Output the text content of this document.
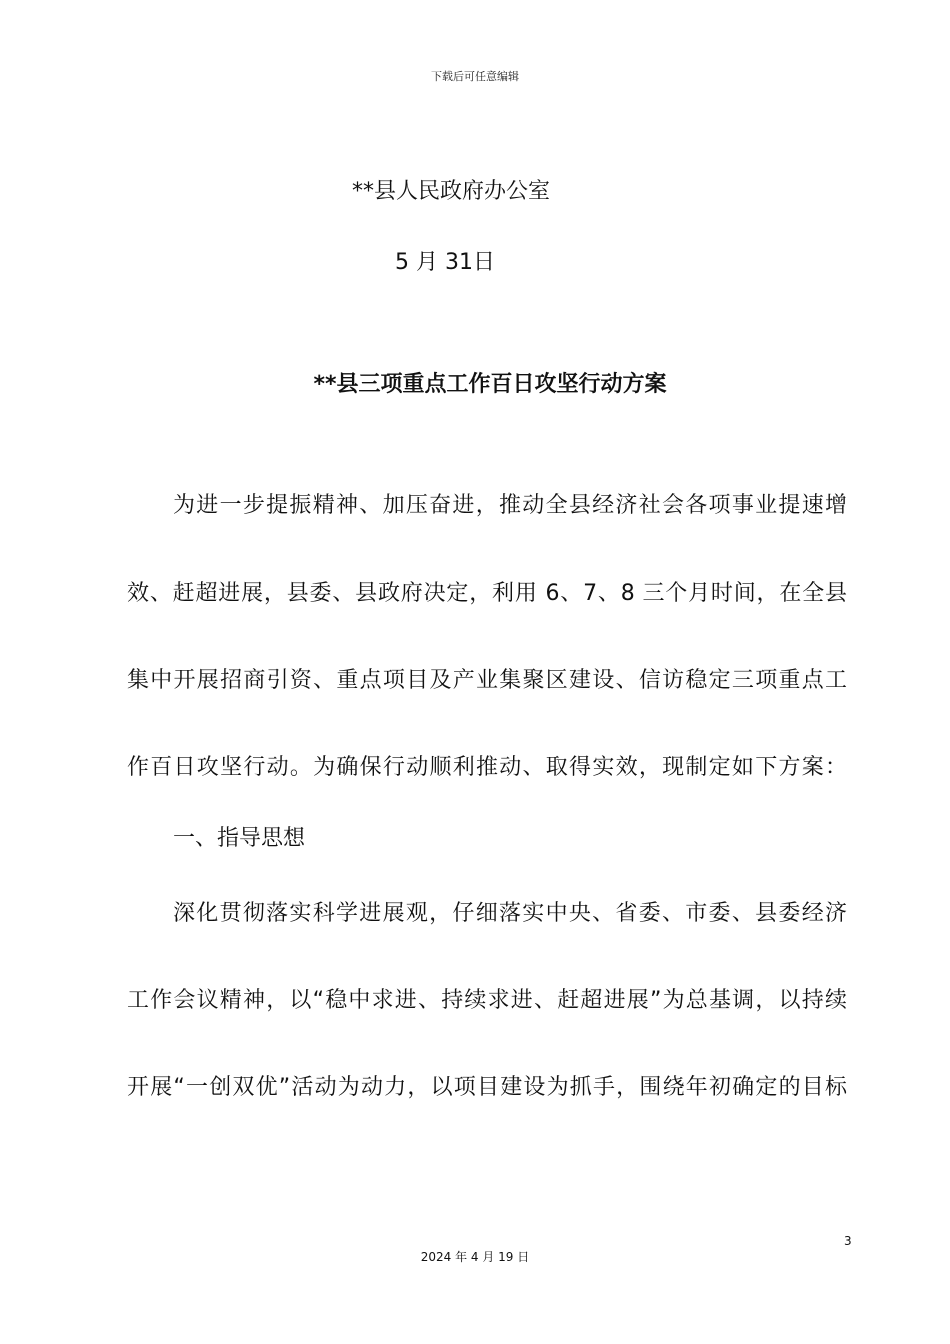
下载后可任意编辑
**县人民政府办公室
5 月 31日
**县三项重点工作百日攻坚行动方案
为进一步提振精神、加压奋进，推动全县经济社会各项事业提速增
效、赶超进展，县委、县政府决定，利用 6、7、8 三个月时间，在全县
集中开展招商引资、重点项目及产业集聚区建设、信访稳定三项重点工
作百日攻坚行动。为确保行动顺利推动、取得实效，现制定如下方案：
一、指导思想
深化贯彻落实科学进展观，仔细落实中央、省委、市委、县委经济
工作会议精神，以“稳中求进、持续求进、赶超进展”为总基调，以持续
开展“一创双优”活动为动力，以项目建设为抓手，围绕年初确定的目标
3
2024 年 4 月 19 日
